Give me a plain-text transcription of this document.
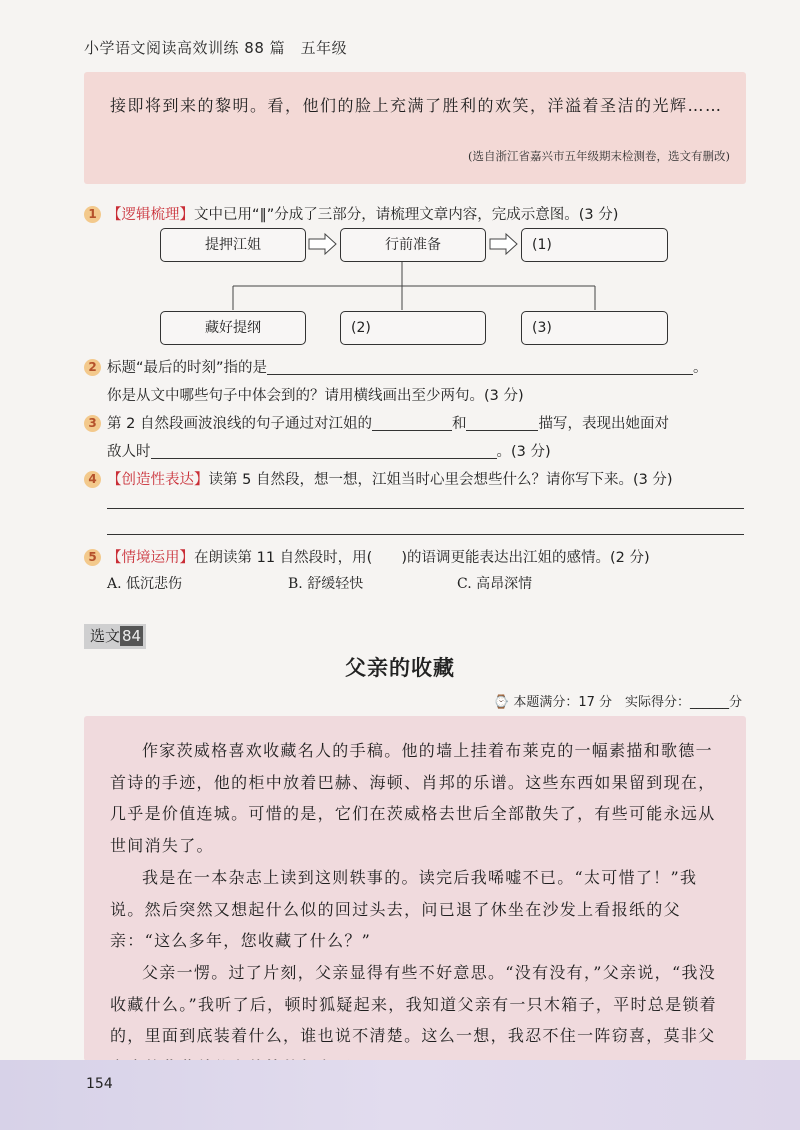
小学语文阅读高效训练 88 篇　五年级
接即将到来的黎明。看，他们的脸上充满了胜利的欢笑，洋溢着圣洁的光辉……
(选自浙江省嘉兴市五年级期末检测卷，选文有删改)
1 【逻辑梳理】文中已用“‖”分成了三部分，请梳理文章内容，完成示意图。(3 分)
提押江姐	行前准备	(1)
藏好提纲	(2)	(3)
2 标题“最后的时刻”指的是	。
你是从文中哪些句子中体会到的？请用横线画出至少两句。(3 分)
3 第 2 自然段画波浪线的句子通过对江姐的	和	描写，表现出她面对
敌人时	。(3 分)
4 【创造性表达】读第 5 自然段，想一想，江姐当时心里会想些什么？请你写下来。(3 分)
5 【情境运用】在朗读第 11 自然段时，用(　　)的语调更能表达出江姐的感情。(2 分)
A. 低沉悲伤	B. 舒缓轻快	C. 高昂深情
选文 84
父亲的收藏
⌚ 本题满分：17 分　实际得分：______分
作家茨威格喜欢收藏名人的手稿。他的墙上挂着布莱克的一幅素描和歌德一首诗的手迹，他的柜中放着巴赫、海顿、肖邦的乐谱。这些东西如果留到现在，几乎是价值连城。可惜的是，它们在茨威格去世后全部散失了，有些可能永远从世间消失了。
我是在一本杂志上读到这则轶事的。读完后我唏嘘不已。“太可惜了！”我说。然后突然又想起什么似的回过头去，问已退了休坐在沙发上看报纸的父亲：“这么多年，您收藏了什么？”
父亲一愣。过了片刻，父亲显得有些不好意思。“没有没有，”父亲说，“我没收藏什么。”我听了后，顿时狐疑起来，我知道父亲有一只木箱子，平时总是锁着的，里面到底装着什么，谁也说不清楚。这么一想，我忍不住一阵窃喜，莫非父
154
